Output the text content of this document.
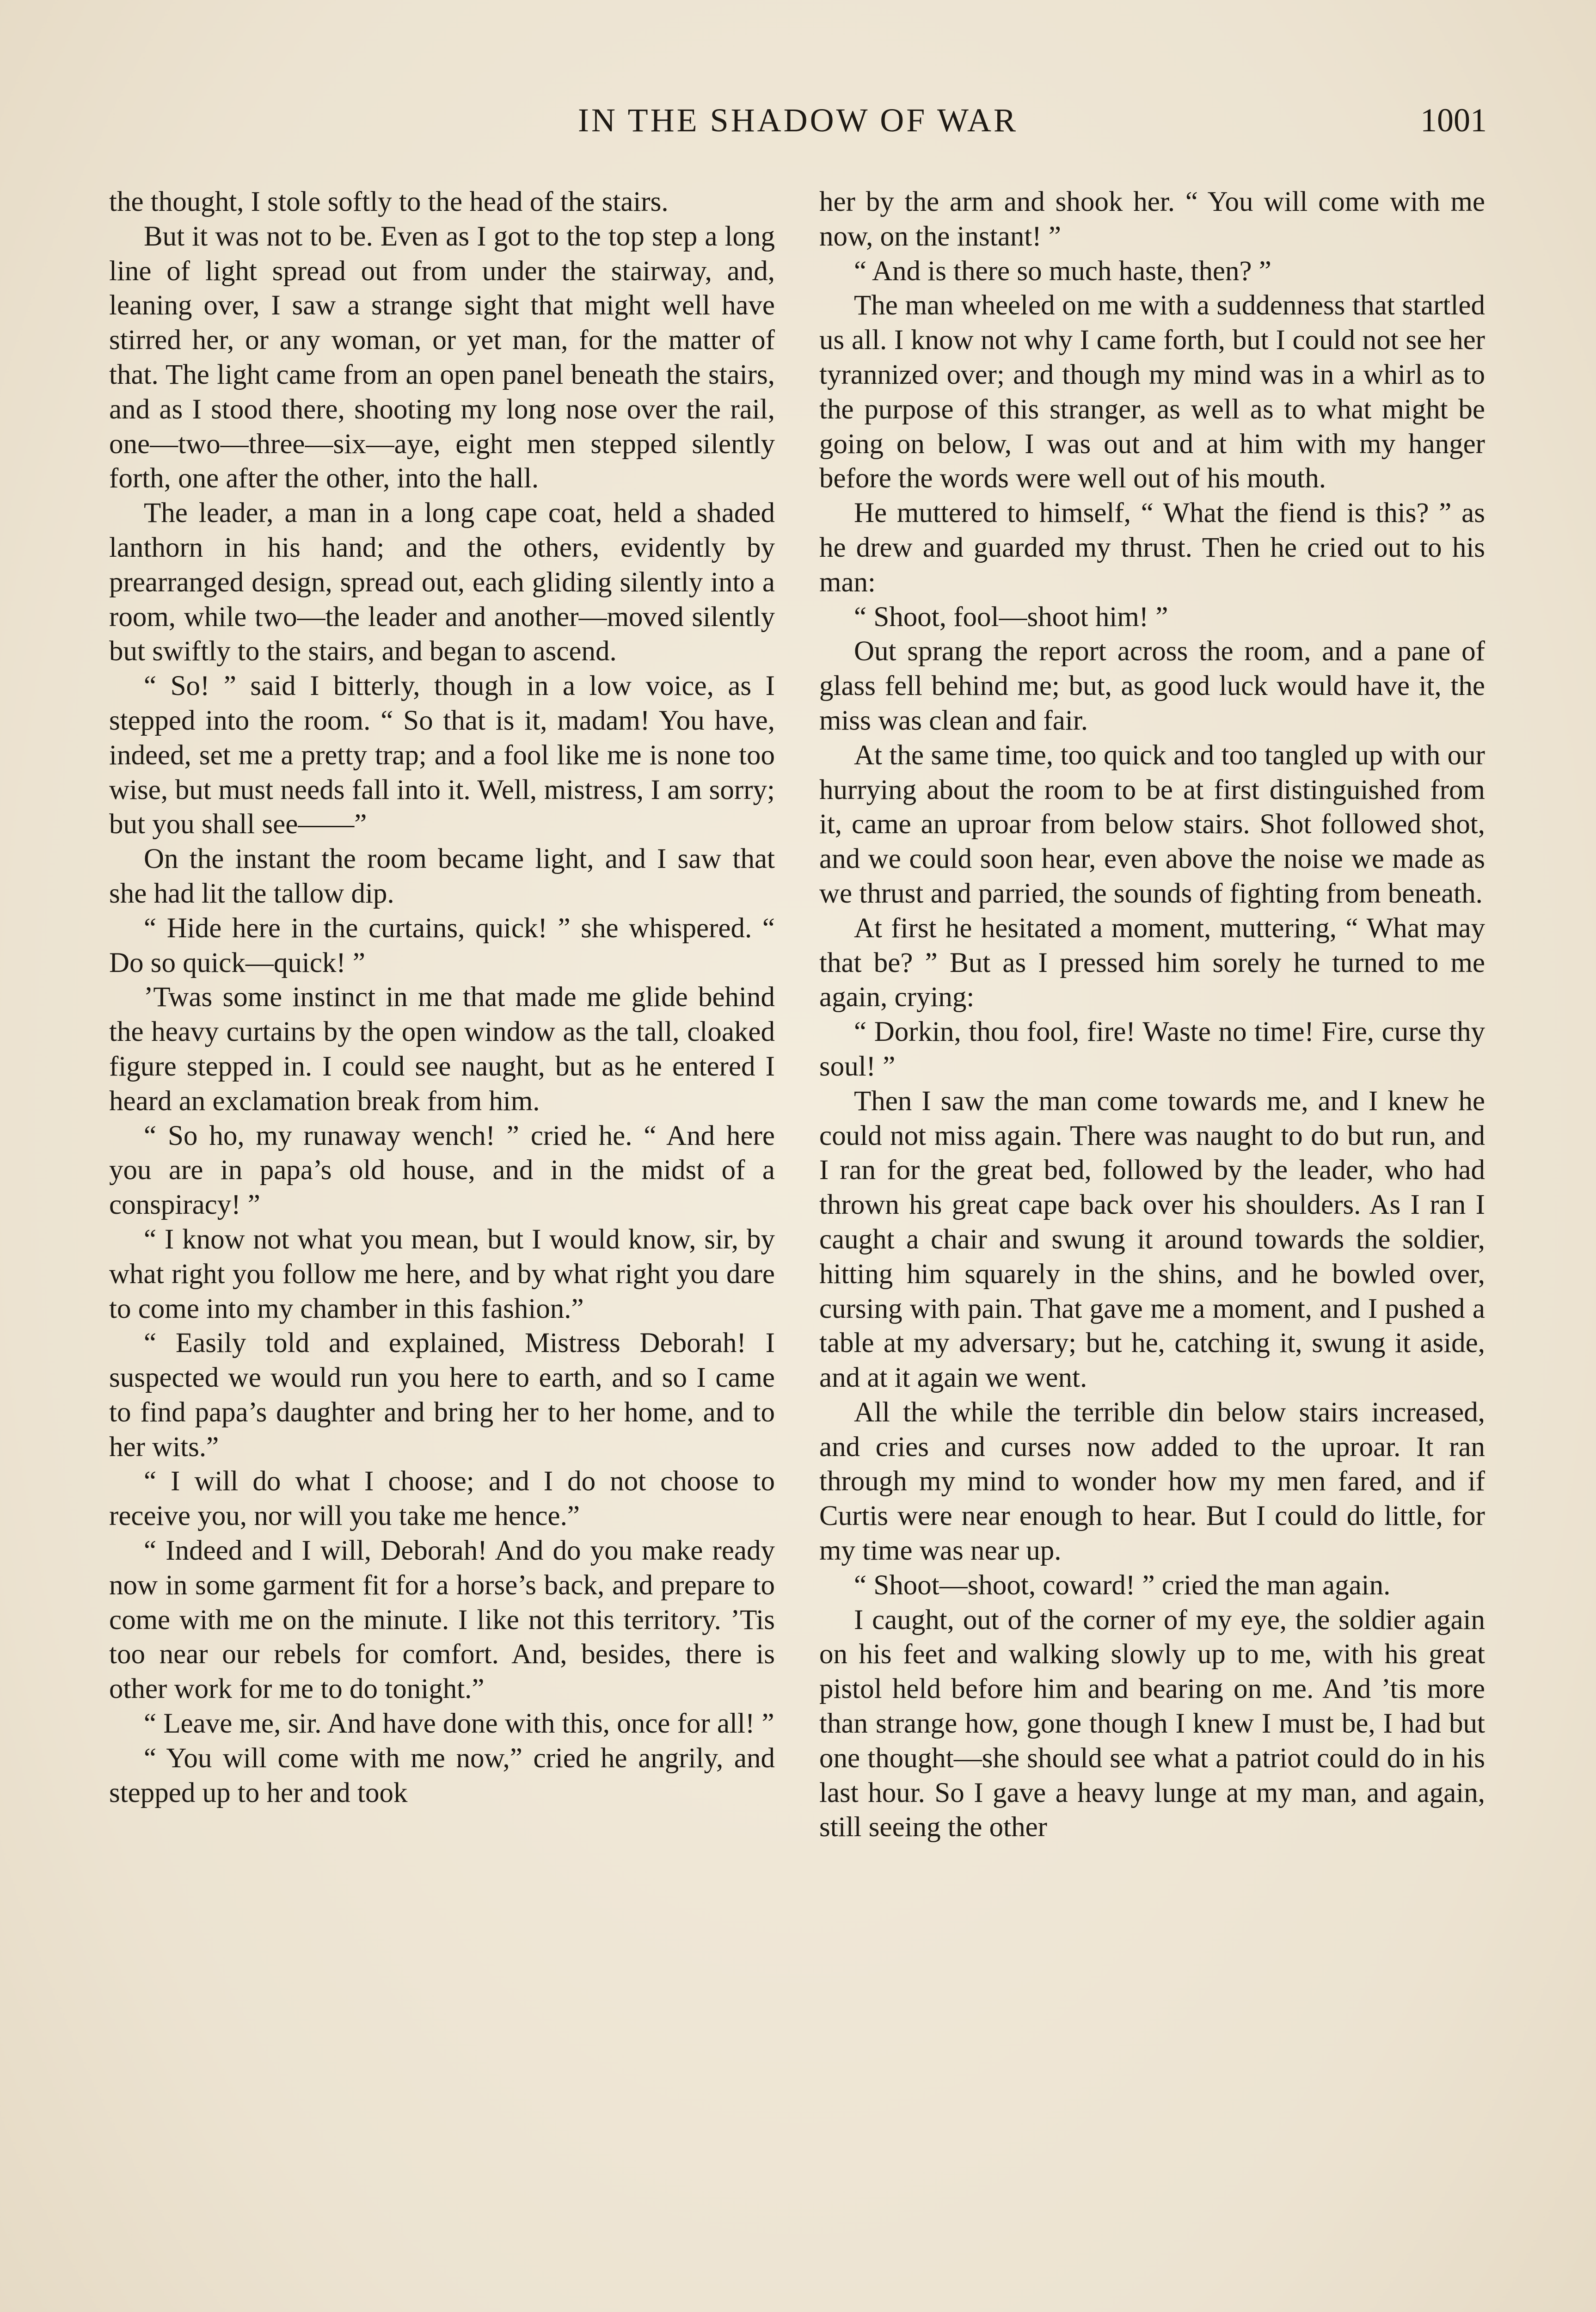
IN THE SHADOW OF WAR	1001

the thought, I stole softly to the head of the stairs.

But it was not to be. Even as I got to the top step a long line of light spread out from under the stairway, and, leaning over, I saw a strange sight that might well have stirred her, or any woman, or yet man, for the matter of that. The light came from an open panel beneath the stairs, and as I stood there, shooting my long nose over the rail, one—two—three—six—aye, eight men stepped silently forth, one after the other, into the hall.

The leader, a man in a long cape coat, held a shaded lanthorn in his hand; and the others, evidently by prearranged design, spread out, each gliding silently into a room, while two—the leader and another—moved silently but swiftly to the stairs, and began to ascend.

“ So! ” said I bitterly, though in a low voice, as I stepped into the room. “ So that is it, madam! You have, indeed, set me a pretty trap; and a fool like me is none too wise, but must needs fall into it. Well, mistress, I am sorry; but you shall see——”

On the instant the room became light, and I saw that she had lit the tallow dip.

“ Hide here in the curtains, quick! ” she whispered. “ Do so quick—quick! ”

’Twas some instinct in me that made me glide behind the heavy curtains by the open window as the tall, cloaked figure stepped in. I could see naught, but as he entered I heard an exclamation break from him.

“ So ho, my runaway wench! ” cried he. “ And here you are in papa’s old house, and in the midst of a conspiracy! ”

“ I know not what you mean, but I would know, sir, by what right you follow me here, and by what right you dare to come into my chamber in this fashion.”

“ Easily told and explained, Mistress Deborah! I suspected we would run you here to earth, and so I came to find papa’s daughter and bring her to her home, and to her wits.”

“ I will do what I choose; and I do not choose to receive you, nor will you take me hence.”

“ Indeed and I will, Deborah! And do you make ready now in some garment fit for a horse’s back, and prepare to come with me on the minute. I like not this territory. ’Tis too near our rebels for comfort. And, besides, there is other work for me to do tonight.”

“ Leave me, sir. And have done with this, once for all! ”

“ You will come with me now,” cried he angrily, and stepped up to her and took

her by the arm and shook her. “ You will come with me now, on the instant! ”

“ And is there so much haste, then? ”

The man wheeled on me with a suddenness that startled us all. I know not why I came forth, but I could not see her tyrannized over; and though my mind was in a whirl as to the purpose of this stranger, as well as to what might be going on below, I was out and at him with my hanger before the words were well out of his mouth.

He muttered to himself, “ What the fiend is this? ” as he drew and guarded my thrust. Then he cried out to his man:

“ Shoot, fool—shoot him! ”

Out sprang the report across the room, and a pane of glass fell behind me; but, as good luck would have it, the miss was clean and fair.

At the same time, too quick and too tangled up with our hurrying about the room to be at first distinguished from it, came an uproar from below stairs. Shot followed shot, and we could soon hear, even above the noise we made as we thrust and parried, the sounds of fighting from beneath.

At first he hesitated a moment, muttering, “ What may that be? ” But as I pressed him sorely he turned to me again, crying:

“ Dorkin, thou fool, fire! Waste no time! Fire, curse thy soul! ”

Then I saw the man come towards me, and I knew he could not miss again. There was naught to do but run, and I ran for the great bed, followed by the leader, who had thrown his great cape back over his shoulders. As I ran I caught a chair and swung it around towards the soldier, hitting him squarely in the shins, and he bowled over, cursing with pain. That gave me a moment, and I pushed a table at my adversary; but he, catching it, swung it aside, and at it again we went.

All the while the terrible din below stairs increased, and cries and curses now added to the uproar. It ran through my mind to wonder how my men fared, and if Curtis were near enough to hear. But I could do little, for my time was near up.

“ Shoot—shoot, coward! ” cried the man again.

I caught, out of the corner of my eye, the soldier again on his feet and walking slowly up to me, with his great pistol held before him and bearing on me. And ’tis more than strange how, gone though I knew I must be, I had but one thought—she should see what a patriot could do in his last hour. So I gave a heavy lunge at my man, and again, still seeing the other
